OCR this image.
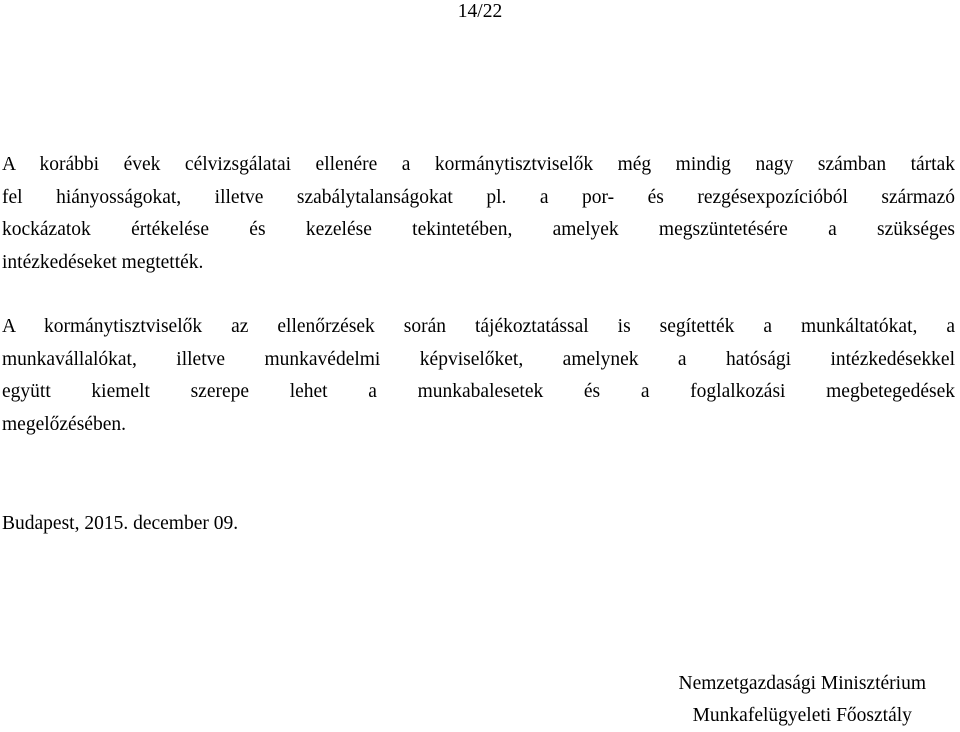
14/22

A korábbi évek célvizsgálatai ellenére a kormánytisztviselők még mindig nagy számban tártak
fel hiányosságokat, illetve szabálytalanságokat pl. a por- és rezgésexpozícióból származó
kockázatok értékelése és kezelése tekintetében, amelyek megszüntetésére a szükséges
intézkedéseket megtették.

A kormánytisztviselők az ellenőrzések során tájékoztatással is segítették a munkáltatókat, a
munkavállalókat, illetve munkavédelmi képviselőket, amelynek a hatósági intézkedésekkel
együtt kiemelt szerepe lehet a munkabalesetek és a foglalkozási megbetegedések
megelőzésében.

Budapest, 2015. december 09.
Nemzetgazdasági Minisztérium
Munkafelügyeleti Főosztály
